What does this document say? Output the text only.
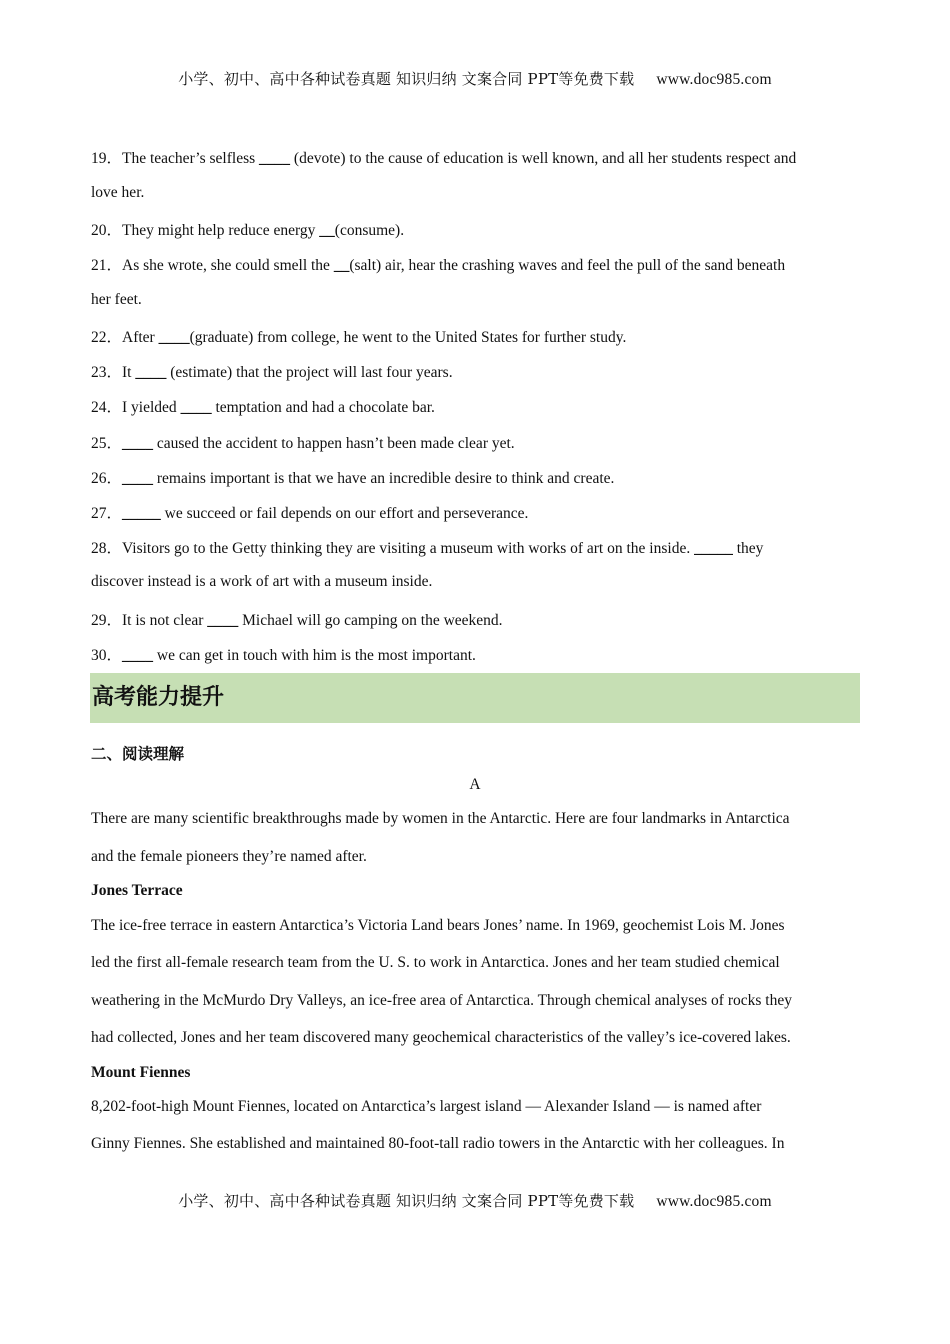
小学、初中、高中各种试卷真题 知识归纳 文案合同 PPT等免费下载 www.doc985.com
19．The teacher’s selfless ____ (devote) to the cause of education is well known, and all her students respect and
love her.
20．They might help reduce energy __(consume).
21．As she wrote, she could smell the __(salt) air, hear the crashing waves and feel the pull of the sand beneath
her feet.
22．After ____(graduate) from college, he went to the United States for further study.
23．It ____ (estimate) that the project will last four years.
24．I yielded ____ temptation and had a chocolate bar.
25．____ caused the accident to happen hasn’t been made clear yet.
26．____ remains important is that we have an incredible desire to think and create.
27．_____ we succeed or fail depends on our effort and perseverance.
28．Visitors go to the Getty thinking they are visiting a museum with works of art on the inside. _____ they
discover instead is a work of art with a museum inside.
29．It is not clear ____ Michael will go camping on the weekend.
30．____ we can get in touch with him is the most important.
高考能力提升
二、阅读理解
A
There are many scientific breakthroughs made by women in the Antarctic. Here are four landmarks in Antarctica
and the female pioneers they’re named after.
Jones Terrace
The ice-free terrace in eastern Antarctica’s Victoria Land bears Jones’ name. In 1969, geochemist Lois M. Jones
led the first all-female research team from the U. S. to work in Antarctica. Jones and her team studied chemical
weathering in the McMurdo Dry Valleys, an ice-free area of Antarctica. Through chemical analyses of rocks they
had collected, Jones and her team discovered many geochemical characteristics of the valley’s ice-covered lakes.
Mount Fiennes
8,202-foot-high Mount Fiennes, located on Antarctica’s largest island — Alexander Island — is named after
Ginny Fiennes. She established and maintained 80-foot-tall radio towers in the Antarctic with her colleagues. In
小学、初中、高中各种试卷真题 知识归纳 文案合同 PPT等免费下载 www.doc985.com
